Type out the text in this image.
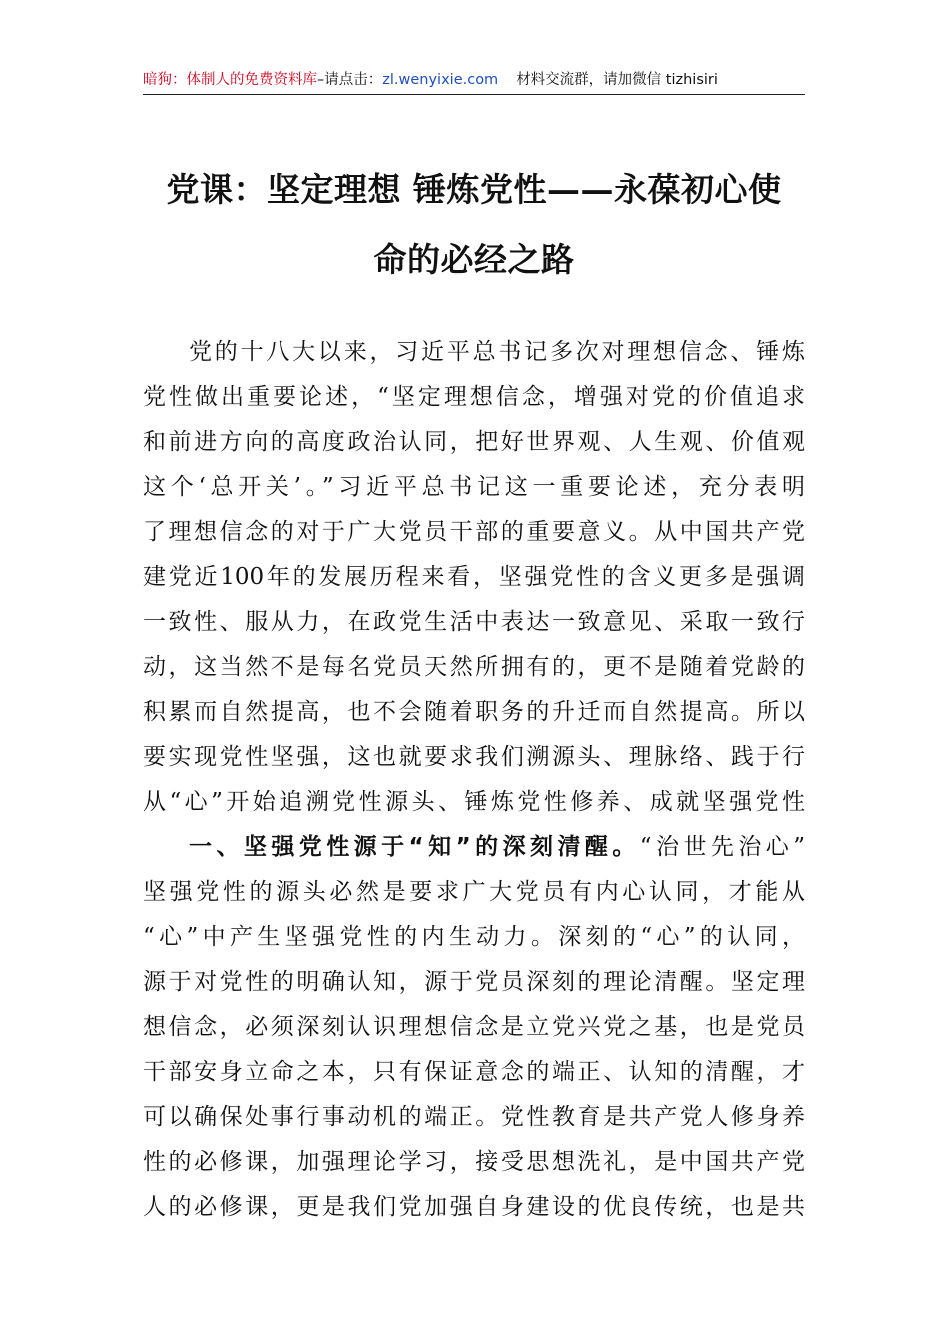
暗狗：体制人的免费资料库–请点击：zl.wenyixie.com 材料交流群，请加微信 tizhisiri
党课：坚定理想 锤炼党性——永葆初心使
命的必经之路
党的十八大以来，习近平总书记多次对理想信念、锤炼
党性做出重要论述，“坚定理想信念，增强对党的价值追求
和前进方向的高度政治认同，把好世界观、人生观、价值观
这个‘总开关’。”习近平总书记这一重要论述，充分表明
了理想信念的对于广大党员干部的重要意义。从中国共产党
建党近100年的发展历程来看，坚强党性的含义更多是强调
一致性、服从力，在政党生活中表达一致意见、采取一致行
动，这当然不是每名党员天然所拥有的，更不是随着党龄的
积累而自然提高，也不会随着职务的升迁而自然提高。所以
要实现党性坚强，这也就要求我们溯源头、理脉络、践于行
从“心”开始追溯党性源头、锤炼党性修养、成就坚强党性
一、坚强党性源于“知”的深刻清醒。“治世先治心”
坚强党性的源头必然是要求广大党员有内心认同，才能从
“心”中产生坚强党性的内生动力。深刻的“心”的认同，
源于对党性的明确认知，源于党员深刻的理论清醒。坚定理
想信念，必须深刻认识理想信念是立党兴党之基，也是党员
干部安身立命之本，只有保证意念的端正、认知的清醒，才
可以确保处事行事动机的端正。党性教育是共产党人修身养
性的必修课，加强理论学习，接受思想洗礼，是中国共产党
人的必修课，更是我们党加强自身建设的优良传统，也是共
